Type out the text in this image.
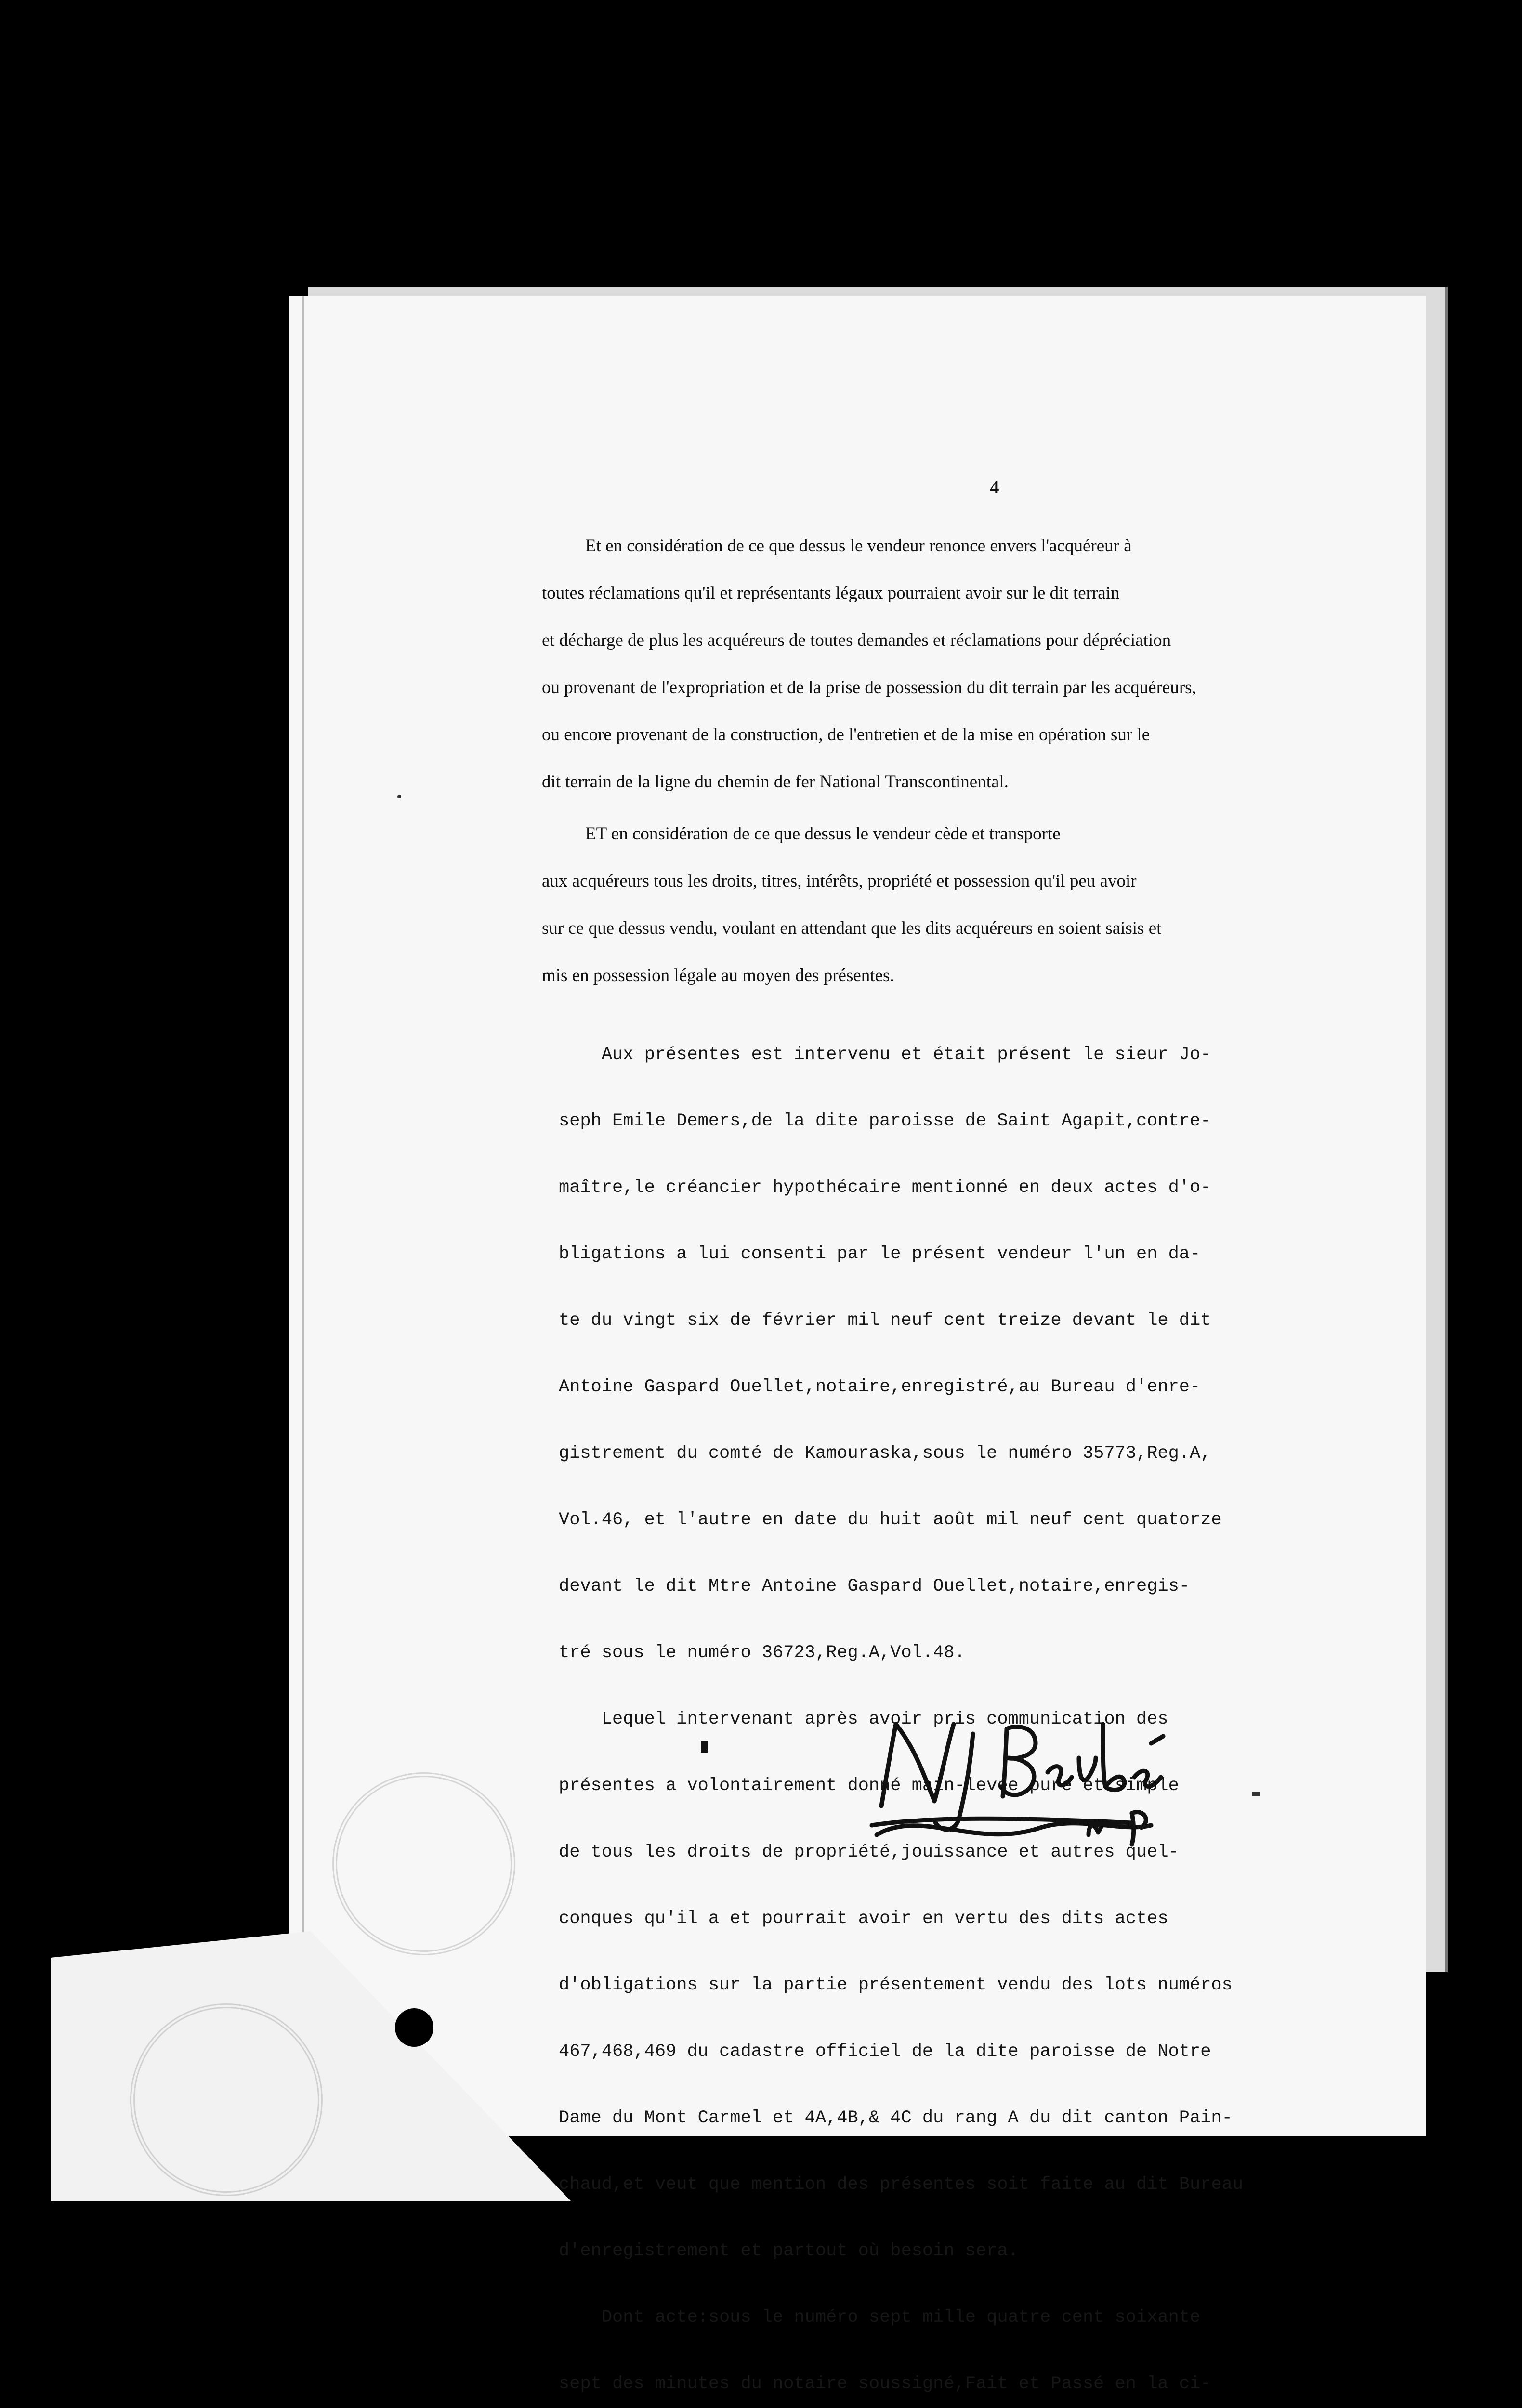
4

Et en considération de ce que dessus le vendeur renonce envers l'acquéreur à

toutes réclamations qu'il et représentants légaux pourraient avoir sur le dit terrain

et décharge de plus les acquéreurs de toutes demandes et réclamations pour dépréciation

ou provenant de l'expropriation et de la prise de possession du dit terrain par les acquéreurs,

ou encore provenant de la construction, de l'entretien et de la mise en opération sur le

dit terrain de la ligne du chemin de fer National Transcontinental.

ET en considération de ce que dessus le vendeur cède et transporte

aux acquéreurs tous les droits, titres, intérêts, propriété et possession qu'il peu avoir

sur ce que dessus vendu, voulant en attendant que les dits acquéreurs en soient saisis et

mis en possession légale au moyen des présentes.

Aux présentes est intervenu et était présent le sieur Jo-

seph Emile Demers,de la dite paroisse de Saint Agapit,contre-

maître,le créancier hypothécaire mentionné en deux actes d'o-

bligations a lui consenti par le présent vendeur l'un en da-

te du vingt six de février mil neuf cent treize devant le dit

Antoine Gaspard Ouellet,notaire,enregistré,au Bureau d'enre-

gistrement du comté de Kamouraska,sous le numéro 35773,Reg.A,

Vol.46, et l'autre en date du huit août mil neuf cent quatorze

devant le dit Mtre Antoine Gaspard Ouellet,notaire,enregis-

tré sous le numéro 36723,Reg.A,Vol.48.

Lequel intervenant après avoir pris communication des

présentes a volontairement donné main-levée pure et simple

de tous les droits de propriété,jouissance et autres quel-

conques qu'il a et pourrait avoir en vertu des dits actes

d'obligations sur la partie présentement vendu des lots numéros

467,468,469 du cadastre officiel de la dite paroisse de Notre

Dame du Mont Carmel et 4A,4B,& 4C du rang A du dit canton Pain-

chaud,et veut que mention des présentes soit faite au dit Bureau

d'enregistrement et partout où besoin sera.

Dont acte:sous le numéro sept mille quatre cent soixante

sept des minutes du notaire soussigné,Fait et Passé en la ci-
